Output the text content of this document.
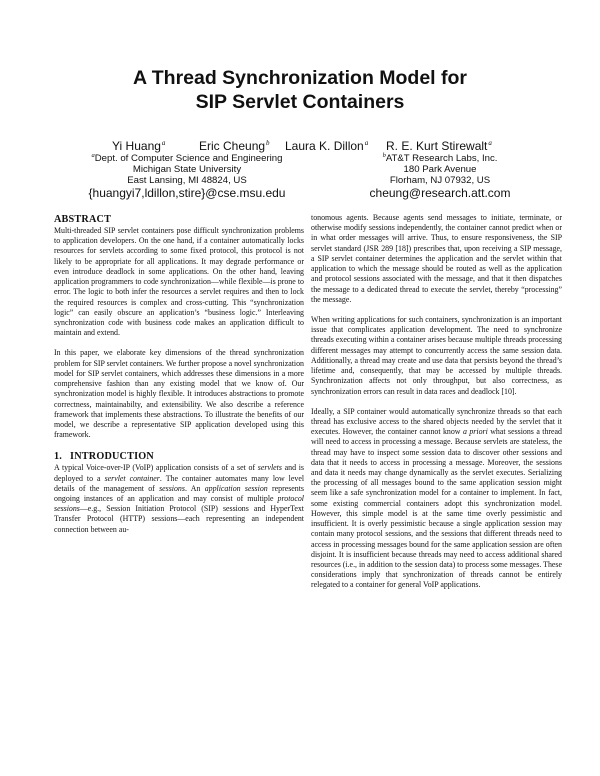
A Thread Synchronization Model for
SIP Servlet Containers
Yi Huang$^a$	Eric Cheung$^b$ Laura K. Dillon$^a$ R. E. Kurt Stirewalt$^a$
$^a$Dept. of Computer Science and Engineering
Michigan State University
East Lansing, MI 48824, US
{huangyi7,ldillon,stire}@cse.msu.edu
$^b$AT&T Research Labs, Inc.
180 Park Avenue
Florham, NJ 07932, US
cheung@research.att.com
ABSTRACT

Multi-threaded SIP servlet containers pose difficult synchronization problems to application developers. On the one hand, if a container automatically locks resources for servlets according to some fixed protocol, this protocol is not likely to be appropriate for all applications. It may degrade performance or even introduce deadlock in some applications. On the other hand, leaving application programmers to code synchronization—while flexible—is prone to error. The logic to both infer the resources a servlet requires and then to lock the required resources is complex and cross-cutting. This “synchronization logic” can easily obscure an application’s “business logic.” Interleaving synchronization code with business code makes an application difficult to maintain and extend.

In this paper, we elaborate key dimensions of the thread synchronization problem for SIP servlet containers. We further propose a novel synchronization model for SIP servlet containers, which addresses these dimensions in a more comprehensive fashion than any existing model that we know of. Our synchronization model is highly flexible. It introduces abstractions to promote correctness, maintainabilty, and extensibility. We also describe a reference framework that implements these abstractions. To illustrate the benefits of our model, we describe a representative SIP application developed using this framework.

1. INTRODUCTION

A typical Voice-over-IP (VoIP) application consists of a set of servlets and is deployed to a servlet container. The container automates many low level details of the management of sessions. An application session represents ongoing instances of an application and may consist of multiple protocol sessions—e.g., Session Initiation Protocol (SIP) sessions and HyperText Transfer Protocol (HTTP) sessions—each representing an independent connection between au-

tonomous agents. Because agents send messages to initiate, terminate, or otherwise modify sessions independently, the container cannot predict when or in what order messages will arrive. Thus, to ensure responsiveness, the SIP servlet standard (JSR 289 [18]) prescribes that, upon receiving a SIP message, a SIP servlet container determines the application and the servlet within that application to which the message should be routed as well as the application and protocol sessions associated with the message, and that it then dispatches the message to a dedicated thread to execute the servlet, thereby “processing” the message.

When writing applications for such containers, synchronization is an important issue that complicates application development. The need to synchronize threads executing within a container arises because multiple threads processing different messages may attempt to concurrently access the same session data. Additionally, a thread may create and use data that persists beyond the thread’s lifetime and, consequently, that may be accessed by multiple threads. Synchronization affects not only throughput, but also correctness, as synchronization errors can result in data races and deadlock [10].

Ideally, a SIP container would automatically synchronize threads so that each thread has exclusive access to the shared objects needed by the servlet that it executes. However, the container cannot know a priori what sessions a thread will need to access in processing a message. Because servlets are stateless, the thread may have to inspect some session data to discover other sessions and data that it needs to access in processing a message. Moreover, the sessions and data it needs may change dynamically as the servlet executes. Serializing the processing of all messages bound to the same application session might seem like a safe synchronization model for a container to implement. In fact, some existing commercial containers adopt this synchronization model. However, this simple model is at the same time overly pessimistic and insufficient. It is overly pessimistic because a single application session may contain many protocol sessions, and the sessions that different threads need to access in processing messages bound for the same application session are often disjoint. It is insufficient because threads may need to access additional shared resources (i.e., in addition to the session data) to process some messages. These considerations imply that synchronization of threads cannot be entirely relegated to a container for general VoIP applications.
